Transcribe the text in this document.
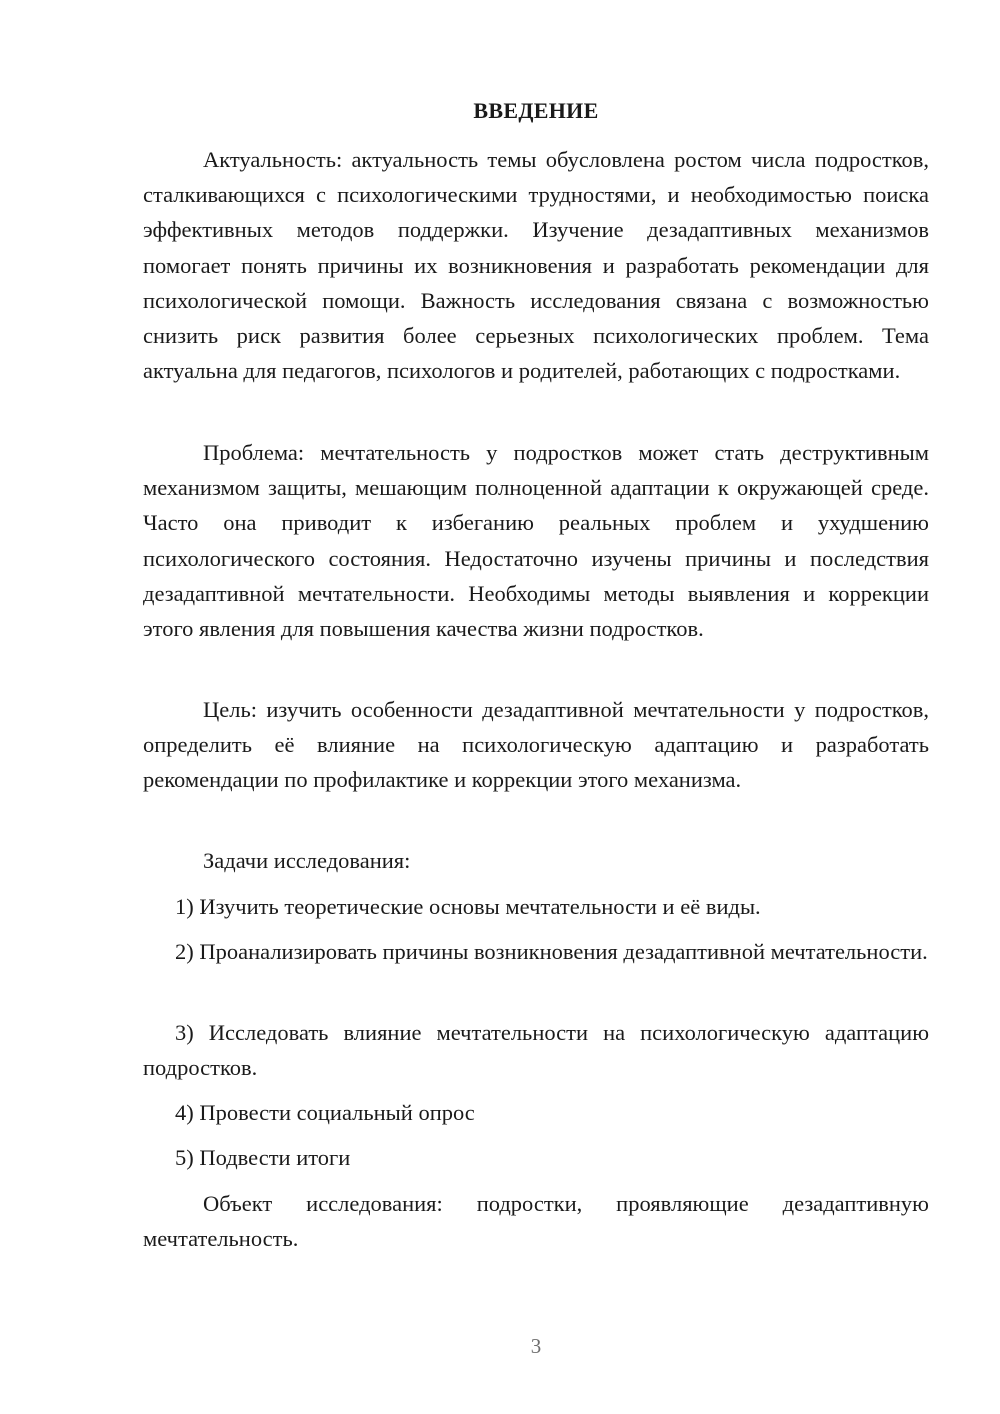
ВВЕДЕНИЕ

Актуальность: актуальность темы обусловлена ростом числа подростков, сталкивающихся с психологическими трудностями, и необходимостью поиска эффективных методов поддержки. Изучение дезадаптивных механизмов помогает понять причины их возникновения и разработать рекомендации для психологической помощи. Важность исследования связана с возможностью снизить риск развития более серьезных психологических проблем. Тема актуальна для педагогов, психологов и родителей, работающих с подростками.

Проблема: мечтательность у подростков может стать деструктивным механизмом защиты, мешающим полноценной адаптации к окружающей среде. Часто она приводит к избеганию реальных проблем и ухудшению психологического состояния. Недостаточно изучены причины и последствия дезадаптивной мечтательности. Необходимы методы выявления и коррекции этого явления для повышения качества жизни подростков.

Цель: изучить особенности дезадаптивной мечтательности у подростков, определить её влияние на психологическую адаптацию и разработать рекомендации по профилактике и коррекции этого механизма.

Задачи исследования:

1) Изучить теоретические основы мечтательности и её виды.

2) Проанализировать причины возникновения дезадаптивной мечтательности.

3) Исследовать влияние мечтательности на психологическую адаптацию подростков.

4) Провести социальный опрос

5) Подвести итоги

Объект исследования: подростки, проявляющие дезадаптивную мечтательность.

3
